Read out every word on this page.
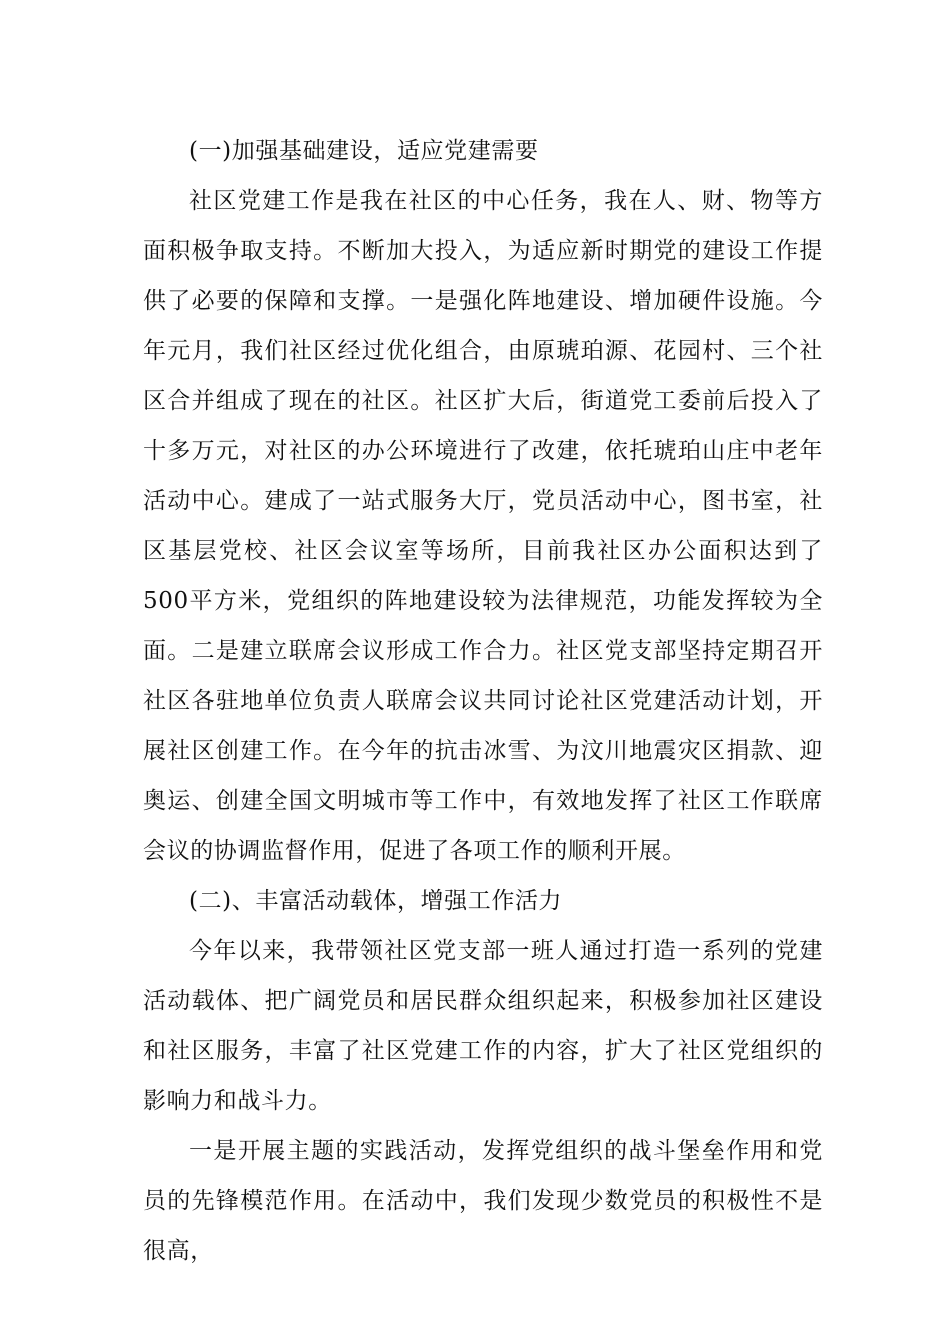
(一)加强基础建设，适应党建需要

社区党建工作是我在社区的中心任务，我在人、财、物等方面积极争取支持。不断加大投入，为适应新时期党的建设工作提供了必要的保障和支撑。一是强化阵地建设、增加硬件设施。今年元月，我们社区经过优化组合，由原琥珀源、花园村、三个社区合并组成了现在的社区。社区扩大后，街道党工委前后投入了十多万元，对社区的办公环境进行了改建，依托琥珀山庄中老年活动中心。建成了一站式服务大厅，党员活动中心，图书室，社区基层党校、社区会议室等场所，目前我社区办公面积达到了500平方米，党组织的阵地建设较为法律规范，功能发挥较为全面。二是建立联席会议形成工作合力。社区党支部坚持定期召开社区各驻地单位负责人联席会议共同讨论社区党建活动计划，开展社区创建工作。在今年的抗击冰雪、为汶川地震灾区捐款、迎奥运、创建全国文明城市等工作中，有效地发挥了社区工作联席会议的协调监督作用，促进了各项工作的顺利开展。

(二)、丰富活动载体，增强工作活力

今年以来，我带领社区党支部一班人通过打造一系列的党建活动载体、把广阔党员和居民群众组织起来，积极参加社区建设和社区服务，丰富了社区党建工作的内容，扩大了社区党组织的影响力和战斗力。

一是开展主题的实践活动，发挥党组织的战斗堡垒作用和党员的先锋模范作用。在活动中，我们发现少数党员的积极性不是很高，
